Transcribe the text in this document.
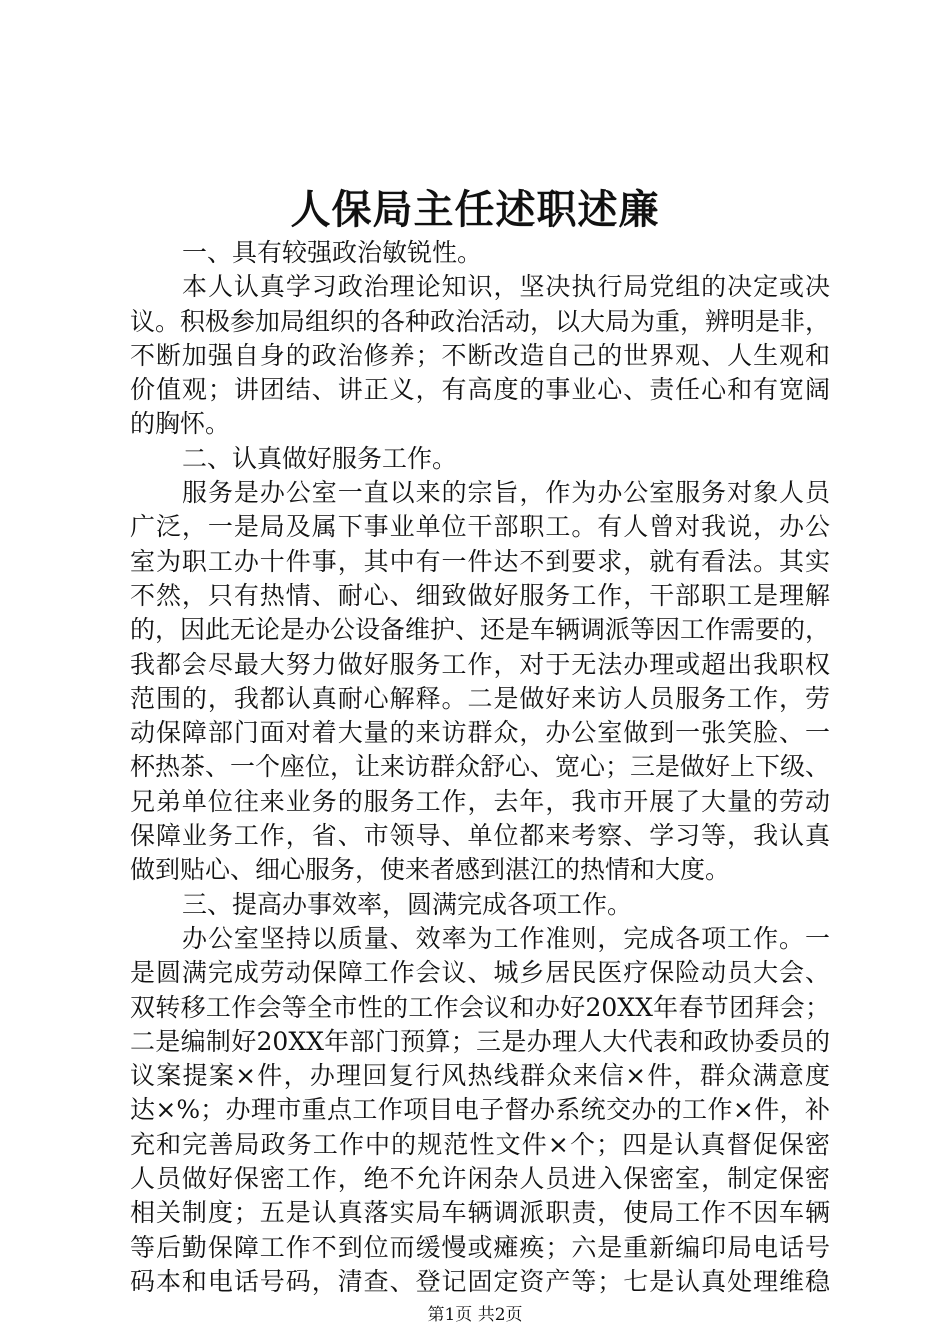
人保局主任述职述廉
一、具有较强政治敏锐性。
本人认真学习政治理论知识，坚决执行局党组的决定或决
议。积极参加局组织的各种政治活动，以大局为重，辨明是非，
不断加强自身的政治修养；不断改造自己的世界观、人生观和
价值观；讲团结、讲正义，有高度的事业心、责任心和有宽阔
的胸怀。
二、认真做好服务工作。
服务是办公室一直以来的宗旨，作为办公室服务对象人员
广泛，一是局及属下事业单位干部职工。有人曾对我说，办公
室为职工办十件事，其中有一件达不到要求，就有看法。其实
不然，只有热情、耐心、细致做好服务工作，干部职工是理解
的，因此无论是办公设备维护、还是车辆调派等因工作需要的，
我都会尽最大努力做好服务工作，对于无法办理或超出我职权
范围的，我都认真耐心解释。二是做好来访人员服务工作，劳
动保障部门面对着大量的来访群众，办公室做到一张笑脸、一
杯热茶、一个座位，让来访群众舒心、宽心；三是做好上下级、
兄弟单位往来业务的服务工作，去年，我市开展了大量的劳动
保障业务工作，省、市领导、单位都来考察、学习等，我认真
做到贴心、细心服务，使来者感到湛江的热情和大度。
三、提高办事效率，圆满完成各项工作。
办公室坚持以质量、效率为工作准则，完成各项工作。一
是圆满完成劳动保障工作会议、城乡居民医疗保险动员大会、
双转移工作会等全市性的工作会议和办好20XX年春节团拜会；
二是编制好20XX年部门预算；三是办理人大代表和政协委员的
议案提案×件，办理回复行风热线群众来信×件，群众满意度
达×%；办理市重点工作项目电子督办系统交办的工作×件，补
充和完善局政务工作中的规范性文件×个；四是认真督促保密
人员做好保密工作，绝不允许闲杂人员进入保密室，制定保密
相关制度；五是认真落实局车辆调派职责，使局工作不因车辆
等后勤保障工作不到位而缓慢或瘫痪；六是重新编印局电话号
码本和电话号码，清查、登记固定资产等；七是认真处理维稳
第1页 共2页
